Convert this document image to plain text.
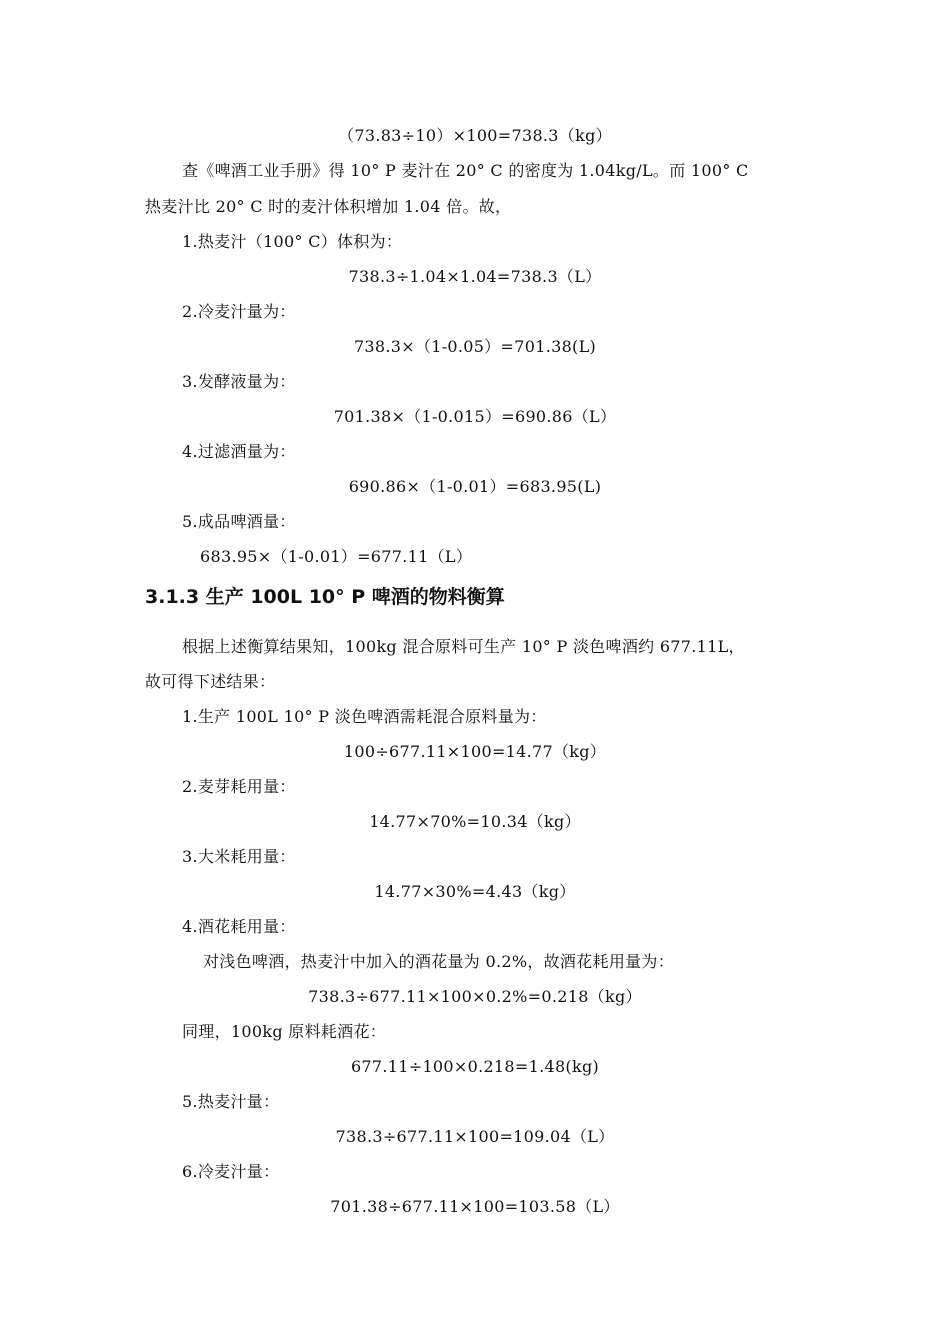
（73.83÷10）×100=738.3（kg）
查《啤酒工业手册》得 10° P 麦汁在 20° C 的密度为 1.04kg/L。而 100° C
热麦汁比 20° C 时的麦汁体积增加 1.04 倍。故，
1.热麦汁（100° C）体积为：
738.3÷1.04×1.04=738.3（L）
2.冷麦汁量为：
738.3×（1-0.05）=701.38(L)
3.发酵液量为：
701.38×（1-0.015）=690.86（L）
4.过滤酒量为：
690.86×（1-0.01）=683.95(L)
5.成品啤酒量：
683.95×（1-0.01）=677.11（L）
3.1.3 生产 100L 10° P 啤酒的物料衡算
根据上述衡算结果知，100kg 混合原料可生产 10° P 淡色啤酒约 677.11L，
故可得下述结果：
1.生产 100L 10° P 淡色啤酒需耗混合原料量为：
100÷677.11×100=14.77（kg）
2.麦芽耗用量：
14.77×70%=10.34（kg）
3.大米耗用量：
14.77×30%=4.43（kg）
4.酒花耗用量：
对浅色啤酒，热麦汁中加入的酒花量为 0.2%，故酒花耗用量为：
738.3÷677.11×100×0.2%=0.218（kg）
同理，100kg 原料耗酒花：
677.11÷100×0.218=1.48(kg)
5.热麦汁量：
738.3÷677.11×100=109.04（L）
6.冷麦汁量：
701.38÷677.11×100=103.58（L）
